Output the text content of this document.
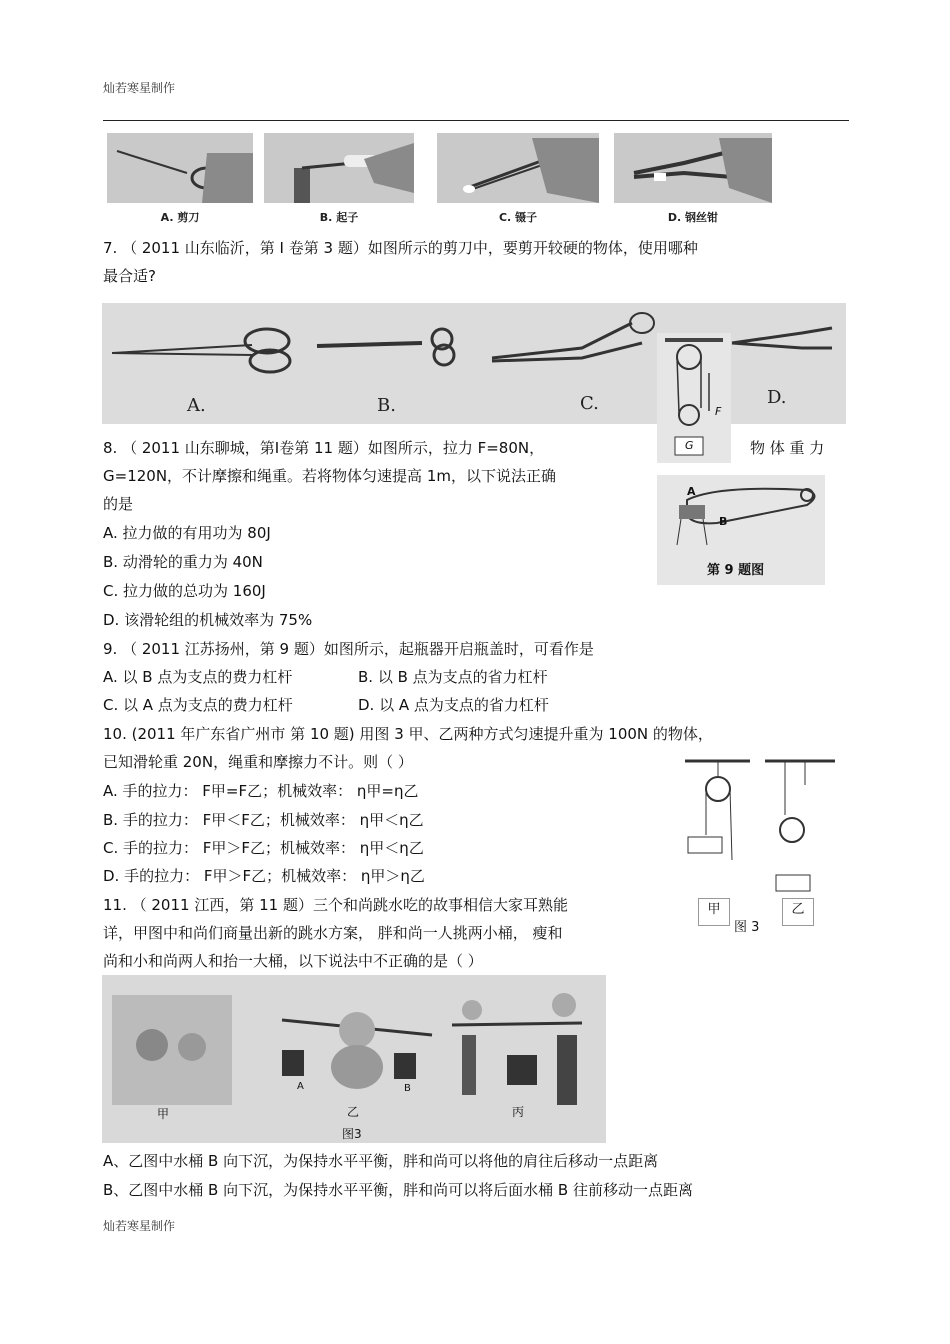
灿若寒星制作
A. 剪刀	B. 起子	C. 镊子	D. 钢丝钳
7. （ 2011 山东临沂，第 Ⅰ 卷第 3 题）如图所示的剪刀中，要剪开较硬的物体，使用哪种
最合适?
A.	B.	C.	D.
F
G
8. （ 2011 山东聊城，第Ⅰ卷第 11 题）如图所示，拉力 F=80N，	物 体 重 力
G=120N，不计摩擦和绳重。若将物体匀速提高 1m，以下说法正确
的是
A. 拉力做的有用功为 80J
B. 动滑轮的重力为 40N
C. 拉力做的总功为 160J
D. 该滑轮组的机械效率为 75%
A
B
第 9 题图
9. （ 2011 江苏扬州，第 9 题）如图所示，起瓶器开启瓶盖时，可看作是
A. 以 B 点为支点的费力杠杆	B. 以 B 点为支点的省力杠杆
C. 以 A 点为支点的费力杠杆	D. 以 A 点为支点的省力杠杆
10. (2011 年广东省广州市 第 10 题) 用图 3 甲、乙两种方式匀速提升重为 100N 的物体，
已知滑轮重 20N，绳重和摩擦力不计。则（ ）
A. 手的拉力： F甲=F乙；机械效率： η甲=η乙
B. 手的拉力： F甲＜F乙；机械效率： η甲＜η乙
C. 手的拉力： F甲＞F乙；机械效率： η甲＜η乙
D. 手的拉力： F甲＞F乙；机械效率： η甲＞η乙
甲
图 3
乙
11. （ 2011 江西，第 11 题）三个和尚跳水吃的故事相信大家耳熟能
详，甲图中和尚们商量出新的跳水方案， 胖和尚一人挑两小桶， 瘦和
尚和小和尚两人和抬一大桶，以下说法中不正确的是（ ）
甲	乙	丙
A	B
图3
A、乙图中水桶 B 向下沉，为保持水平平衡，胖和尚可以将他的肩往后移动一点距离
B、乙图中水桶 B 向下沉，为保持水平平衡，胖和尚可以将后面水桶 B 往前移动一点距离
灿若寒星制作
